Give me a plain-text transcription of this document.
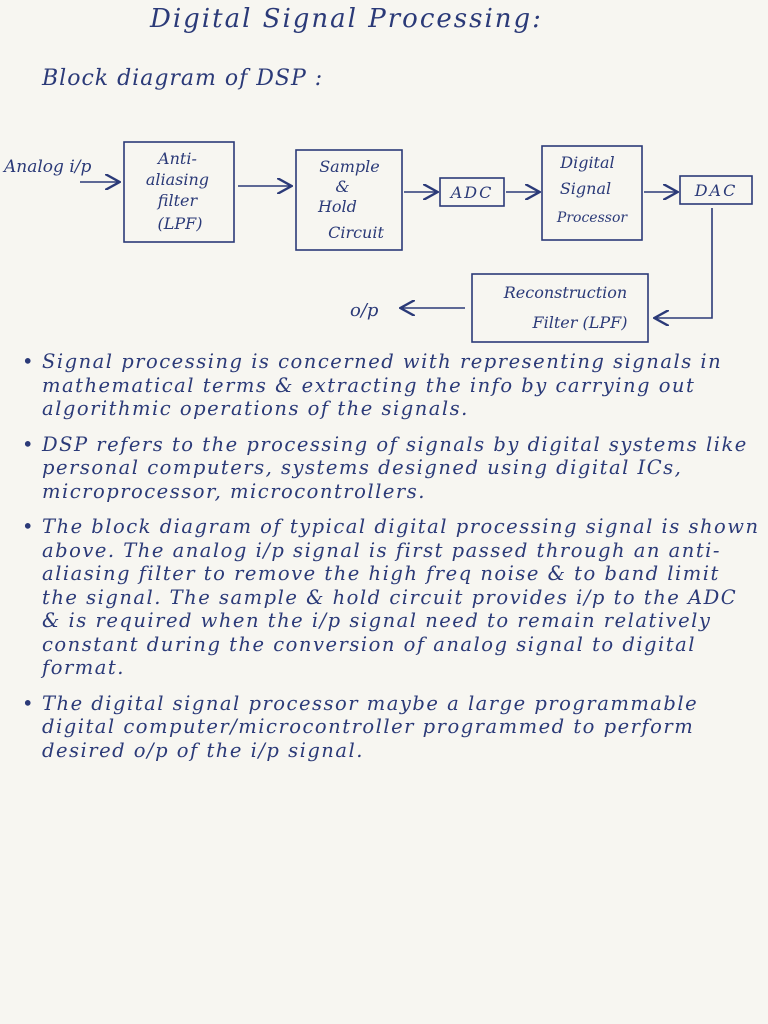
Digital Signal Processing:
Block diagram of DSP :
Analog i/p	Anti- aliasing filter (LPF)
Sample & Hold Circuit
ADC
Digital Signal Processor
DAC
Reconstruction Filter (LPF)
o/p

• Signal processing is concerned with representing signals in mathematical terms & extracting the info by carrying out algorithmic operations of the signals.

• DSP refers to the processing of signals by digital systems like personal computers, systems designed using digital ICs, microprocessor, microcontrollers.

• The block diagram of typical digital processing signal is shown above. The analog i/p signal is first passed through an anti-aliasing filter to remove the high freq noise & to band limit the signal. The sample & hold circuit provides i/p to the ADC & is required when the i/p signal need to remain relatively constant during the conversion of analog signal to digital format.

• The digital signal processor maybe a large programmable digital computer/microcontroller programmed to perform desired o/p of the i/p signal.
